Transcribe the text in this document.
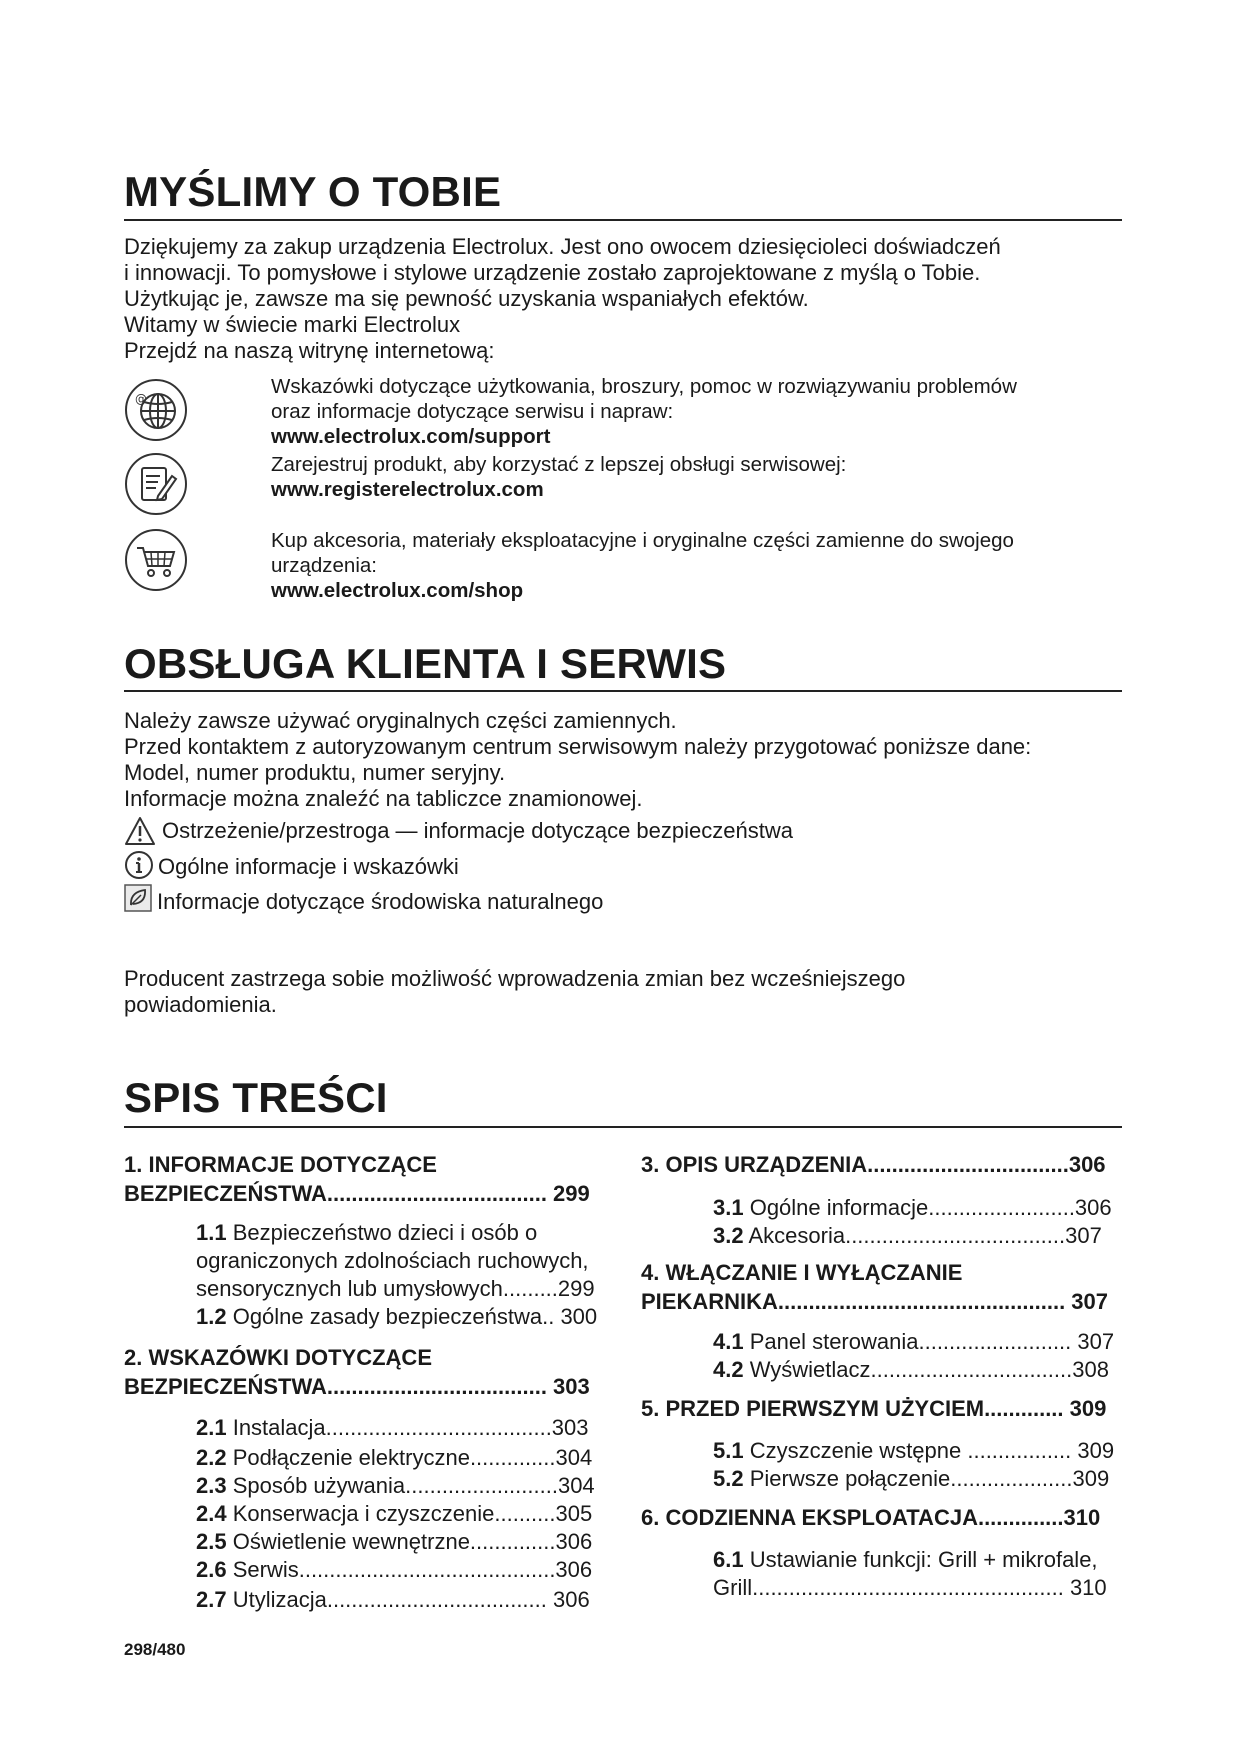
MYŚLIMY O TOBIE
Dziękujemy za zakup urządzenia Electrolux. Jest ono owocem dziesięcioleci doświadczeń
i innowacji. To pomysłowe i stylowe urządzenie zostało zaprojektowane z myślą o Tobie.
Użytkując je, zawsze ma się pewność uzyskania wspaniałych efektów.
Witamy w świecie marki Electrolux
Przejdź na naszą witrynę internetową:
@
Wskazówki dotyczące użytkowania, broszury, pomoc w rozwiązywaniu problemów
oraz informacje dotyczące serwisu i napraw:
www.electrolux.com/support
Zarejestruj produkt, aby korzystać z lepszej obsługi serwisowej:
www.registerelectrolux.com
Kup akcesoria, materiały eksploatacyjne i oryginalne części zamienne do swojego
urządzenia:
www.electrolux.com/shop
OBSŁUGA KLIENTA I SERWIS
Należy zawsze używać oryginalnych części zamiennych.
Przed kontaktem z autoryzowanym centrum serwisowym należy przygotować poniższe dane:
Model, numer produktu, numer seryjny.
Informacje można znaleźć na tabliczce znamionowej.
Ostrzeżenie/przestroga — informacje dotyczące bezpieczeństwa
Ogólne informacje i wskazówki
Informacje dotyczące środowiska naturalnego
Producent zastrzega sobie możliwość wprowadzenia zmian bez wcześniejszego
powiadomienia.
SPIS TREŚCI
1. INFORMACJE DOTYCZĄCE
BEZPIECZEŃSTWA.................................... 299
1.1 Bezpieczeństwo dzieci i osób o
ograniczonych zdolnościach ruchowych,
sensorycznych lub umysłowych.........299
1.2 Ogólne zasady bezpieczeństwa.. 300
2. WSKAZÓWKI DOTYCZĄCE
BEZPIECZEŃSTWA.................................... 303
2.1 Instalacja.....................................303
2.2 Podłączenie elektryczne..............304
2.3 Sposób używania.........................304
2.4 Konserwacja i czyszczenie..........305
2.5 Oświetlenie wewnętrzne..............306
2.6 Serwis..........................................306
2.7 Utylizacja.................................... 306
3. OPIS URZĄDZENIA.................................306
3.1 Ogólne informacje........................306
3.2 Akcesoria....................................307
4. WŁĄCZANIE I WYŁĄCZANIE
PIEKARNIKA............................................... 307
4.1 Panel sterowania......................... 307
4.2 Wyświetlacz.................................308
5. PRZED PIERWSZYM UŻYCIEM............. 309
5.1 Czyszczenie wstępne ................. 309
5.2 Pierwsze połączenie....................309
6. CODZIENNA EKSPLOATACJA..............310
6.1 Ustawianie funkcji: Grill + mikrofale,
Grill................................................... 310
298/480
